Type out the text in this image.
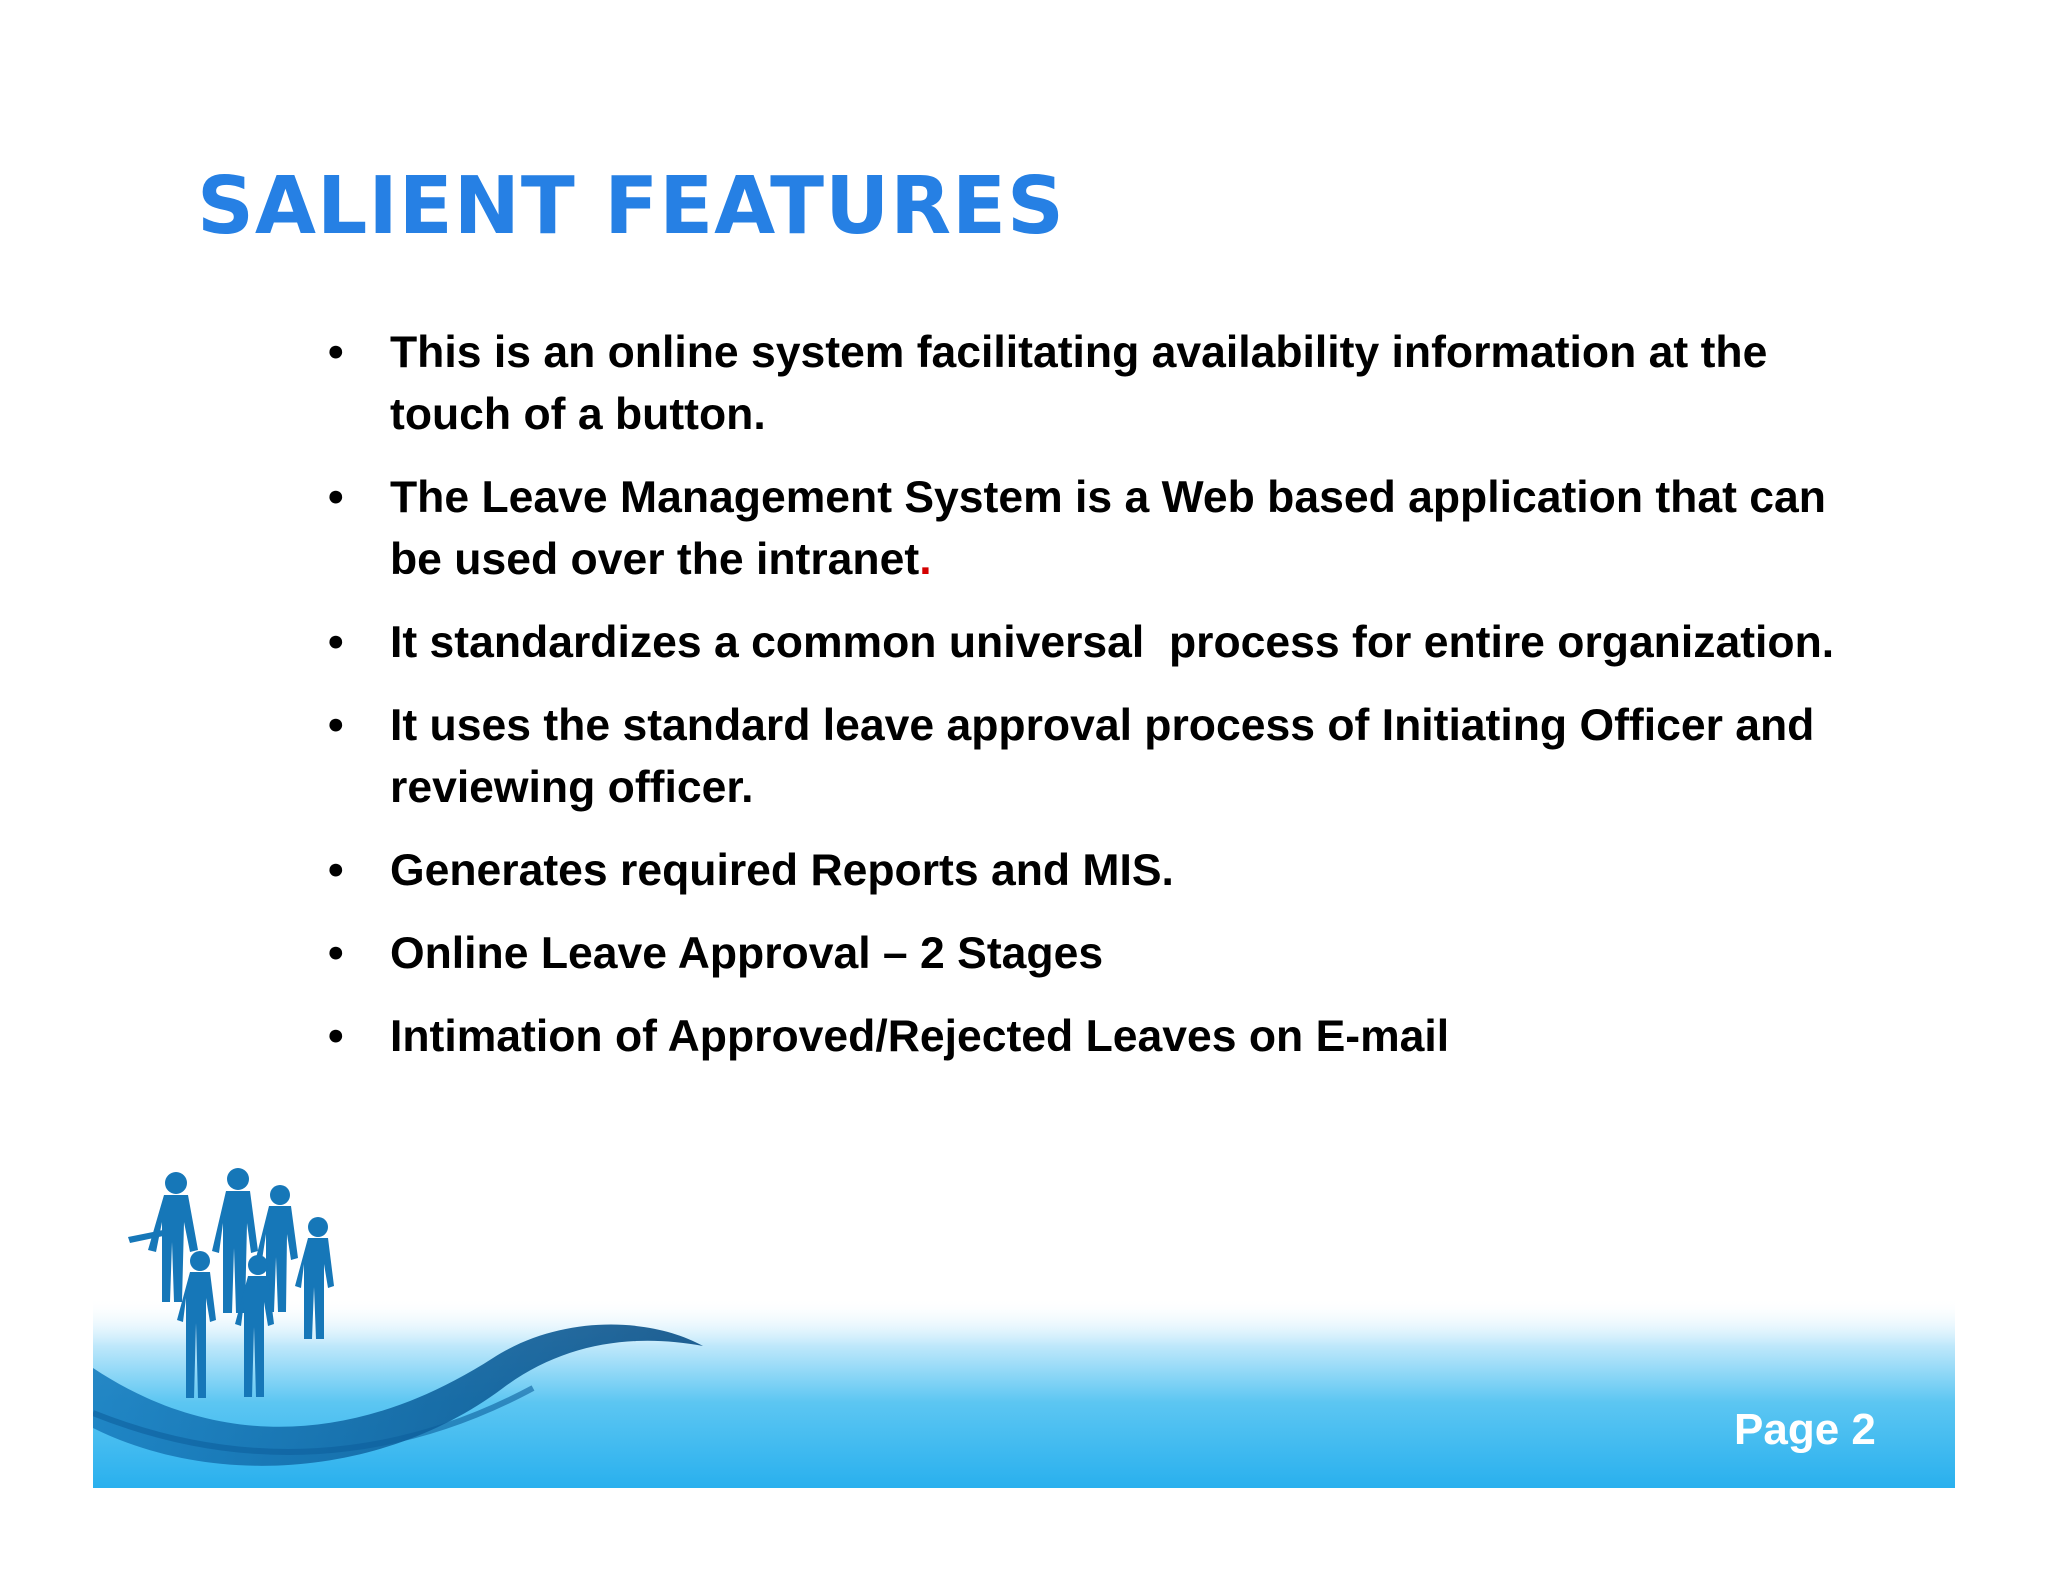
SALIENT FEATURES
•	This is an online system facilitating availability information at the touch of a button.
•	The Leave Management System is a Web based application that can be used over the intranet.
•	It standardizes a common universal  process for entire organization.
•	It uses the standard leave approval process of Initiating Officer and reviewing officer.
•	Generates required Reports and MIS.
•	Online Leave Approval – 2 Stages
•	Intimation of Approved/Rejected Leaves on E-mail
Page 2
